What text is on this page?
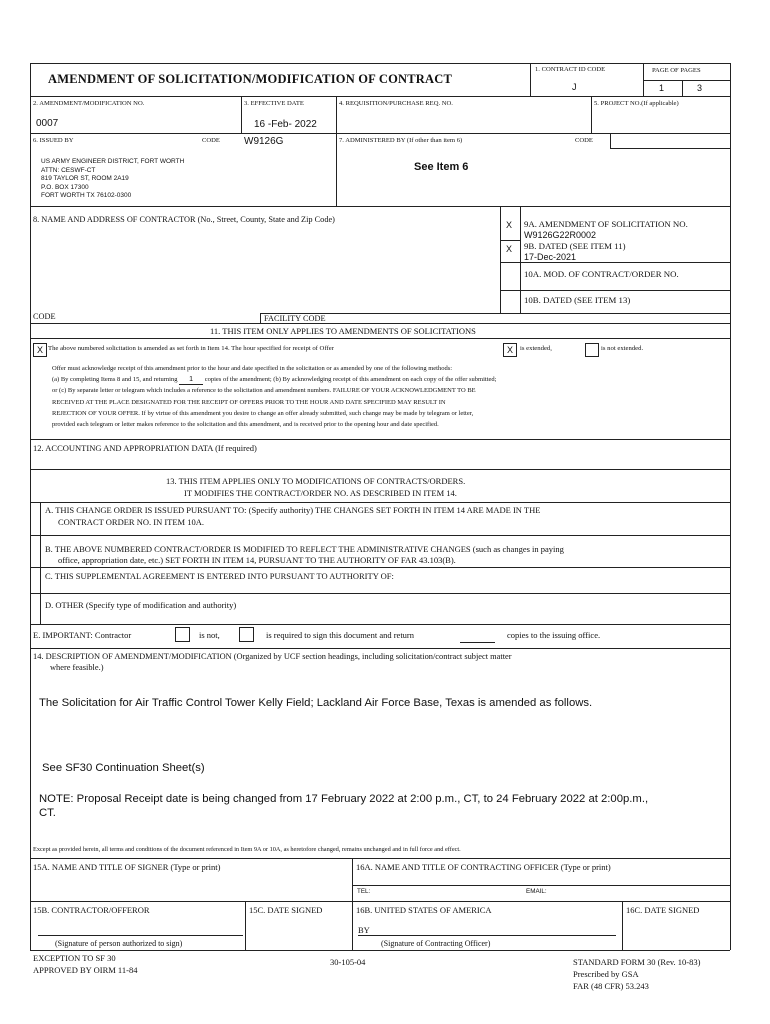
AMENDMENT OF SOLICITATION/MODIFICATION OF CONTRACT
1. CONTRACT ID CODE
J
PAGE OF PAGES
1	3
2. AMENDMENT/MODIFICATION NO.
0007
3. EFFECTIVE DATE
16 -Feb- 2022
4. REQUISITION/PURCHASE REQ. NO.	5. PROJECT NO.(If applicable)
6. ISSUED BY	CODE W9126G	7. ADMINISTERED BY (If other than item 6)	CODE
US ARMY ENGINEER DISTRICT, FORT WORTH
ATTN: CESWF-CT
819 TAYLOR ST, ROOM 2A19
P.O. BOX 17300
FORT WORTH TX 76102-0300
See Item 6
8. NAME AND ADDRESS OF CONTRACTOR (No., Street, County, State and Zip Code)
X
X
9A. AMENDMENT OF SOLICITATION NO.
W9126G22R0002
9B. DATED (SEE ITEM 11)
17-Dec-2021
10A. MOD. OF CONTRACT/ORDER NO.
10B. DATED (SEE ITEM 13)
CODE	FACILITY CODE
11. THIS ITEM ONLY APPLIES TO AMENDMENTS OF SOLICITATIONS
X The above numbered solicitation is amended as set forth in Item 14. The hour specified for receipt of Offer	X	is extended,	is not extended.
Offer must acknowledge receipt of this amendment prior to the hour and date specified in the solicitation or as amended by one of the following methods:
(a) By completing Items 8 and 15, and returning 1 copies of the amendment; (b) By acknowledging receipt of this amendment on each copy of the offer submitted;
or (c) By separate letter or telegram which includes a reference to the solicitation and amendment numbers. FAILURE OF YOUR ACKNOWLEDGMENT TO BE
RECEIVED AT THE PLACE DESIGNATED FOR THE RECEIPT OF OFFERS PRIOR TO THE HOUR AND DATE SPECIFIED MAY RESULT IN
REJECTION OF YOUR OFFER. If by virtue of this amendment you desire to change an offer already submitted, such change may be made by telegram or letter,
provided each telegram or letter makes reference to the solicitation and this amendment, and is received prior to the opening hour and date specified.
12. ACCOUNTING AND APPROPRIATION DATA (If required)
13. THIS ITEM APPLIES ONLY TO MODIFICATIONS OF CONTRACTS/ORDERS.
IT MODIFIES THE CONTRACT/ORDER NO. AS DESCRIBED IN ITEM 14.
A. THIS CHANGE ORDER IS ISSUED PURSUANT TO: (Specify authority) THE CHANGES SET FORTH IN ITEM 14 ARE MADE IN THE
CONTRACT ORDER NO. IN ITEM 10A.
B. THE ABOVE NUMBERED CONTRACT/ORDER IS MODIFIED TO REFLECT THE ADMINISTRATIVE CHANGES (such as changes in paying
office, appropriation date, etc.) SET FORTH IN ITEM 14, PURSUANT TO THE AUTHORITY OF FAR 43.103(B).
C. THIS SUPPLEMENTAL AGREEMENT IS ENTERED INTO PURSUANT TO AUTHORITY OF:
D. OTHER (Specify type of modification and authority)
E. IMPORTANT: Contractor	is not,	is required to sign this document and return	copies to the issuing office.
14. DESCRIPTION OF AMENDMENT/MODIFICATION (Organized by UCF section headings, including solicitation/contract subject matter
where feasible.)
The Solicitation for Air Traffic Control Tower Kelly Field; Lackland Air Force Base, Texas is amended as follows.
See SF30 Continuation Sheet(s)
NOTE: Proposal Receipt date is being changed from 17 February 2022 at 2:00 p.m., CT, to 24 February 2022 at 2:00p.m.,
CT.
Except as provided herein, all terms and conditions of the document referenced in Item 9A or 10A, as heretofore changed, remains unchanged and in full force and effect.
15A. NAME AND TITLE OF SIGNER (Type or print)	16A. NAME AND TITLE OF CONTRACTING OFFICER (Type or print)
TEL:	EMAIL:
15B. CONTRACTOR/OFFEROR	15C. DATE SIGNED	16B. UNITED STATES OF AMERICA	16C. DATE SIGNED
BY
(Signature of person authorized to sign)	(Signature of Contracting Officer)
EXCEPTION TO SF 30
APPROVED BY OIRM 11-84
30-105-04	STANDARD FORM 30 (Rev. 10-83)
Prescribed by GSA
FAR (48 CFR) 53.243
